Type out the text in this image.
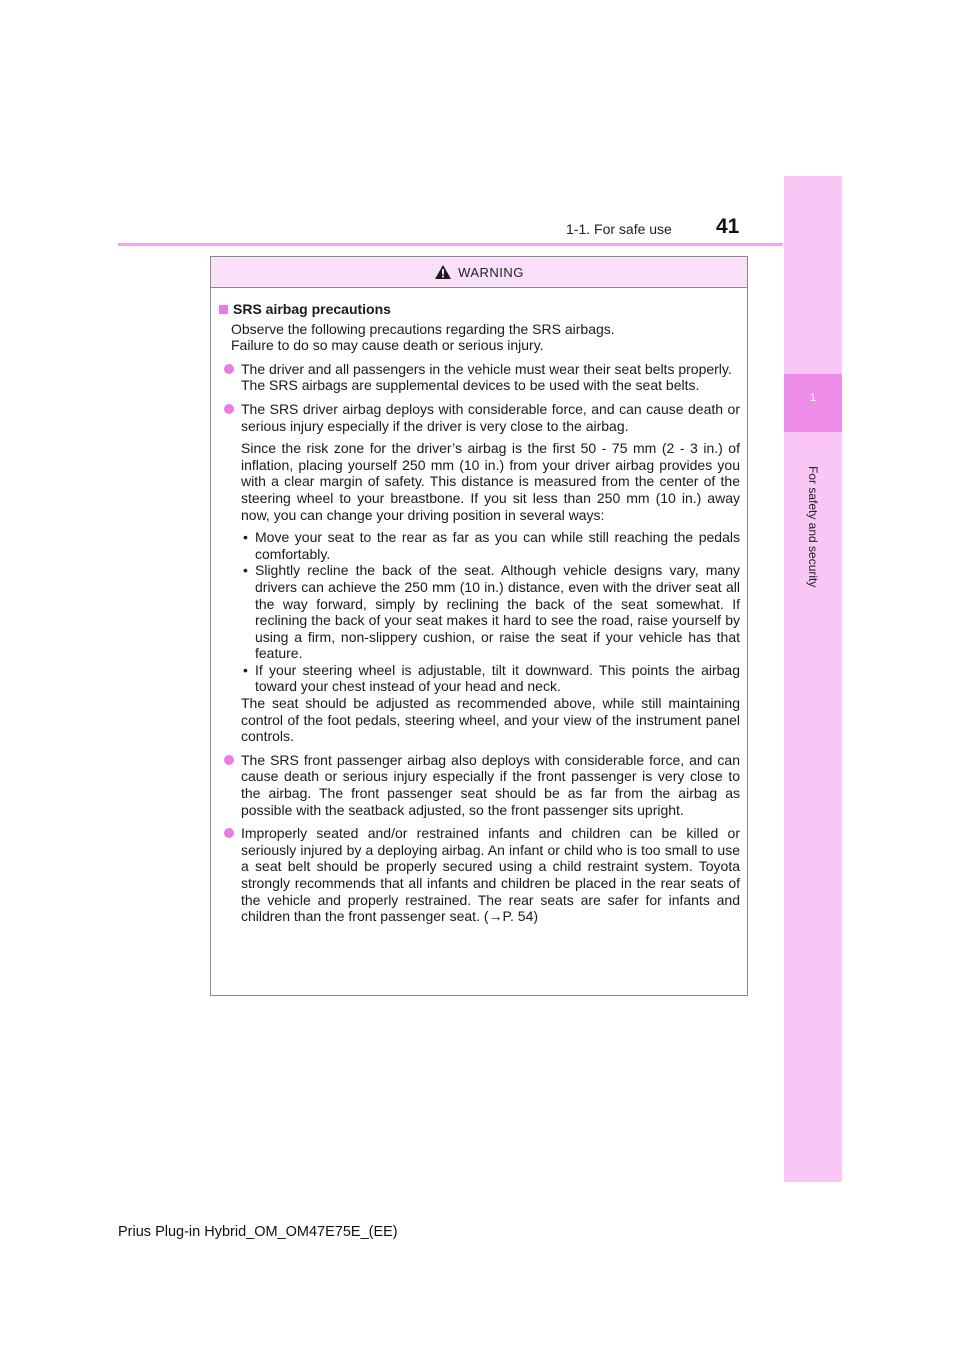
1-1. For safe use 41
1
For safety and security
WARNING
SRS airbag precautions
Observe the following precautions regarding the SRS airbags.
Failure to do so may cause death or serious injury.
The driver and all passengers in the vehicle must wear their seat belts properly.
The SRS airbags are supplemental devices to be used with the seat belts.
The SRS driver airbag deploys with considerable force, and can cause death or serious injury especially if the driver is very close to the airbag.
Since the risk zone for the driver’s airbag is the first 50 - 75 mm (2 - 3 in.) of inflation, placing yourself 250 mm (10 in.) from your driver airbag provides you with a clear margin of safety. This distance is measured from the center of the steering wheel to your breastbone. If you sit less than 250 mm (10 in.) away now, you can change your driving position in several ways:
• Move your seat to the rear as far as you can while still reaching the pedals comfortably.
• Slightly recline the back of the seat. Although vehicle designs vary, many drivers can achieve the 250 mm (10 in.) distance, even with the driver seat all the way forward, simply by reclining the back of the seat somewhat. If reclining the back of your seat makes it hard to see the road, raise yourself by using a firm, non-slippery cushion, or raise the seat if your vehicle has that feature.
• If your steering wheel is adjustable, tilt it downward. This points the airbag toward your chest instead of your head and neck.
The seat should be adjusted as recommended above, while still maintaining control of the foot pedals, steering wheel, and your view of the instrument panel controls.
The SRS front passenger airbag also deploys with considerable force, and can cause death or serious injury especially if the front passenger is very close to the airbag. The front passenger seat should be as far from the airbag as possible with the seatback adjusted, so the front passenger sits upright.
Improperly seated and/or restrained infants and children can be killed or seriously injured by a deploying airbag. An infant or child who is too small to use a seat belt should be properly secured using a child restraint system. Toyota strongly recommends that all infants and children be placed in the rear seats of the vehicle and properly restrained. The rear seats are safer for infants and children than the front passenger seat. (→P. 54)
Prius Plug-in Hybrid_OM_OM47E75E_(EE)
